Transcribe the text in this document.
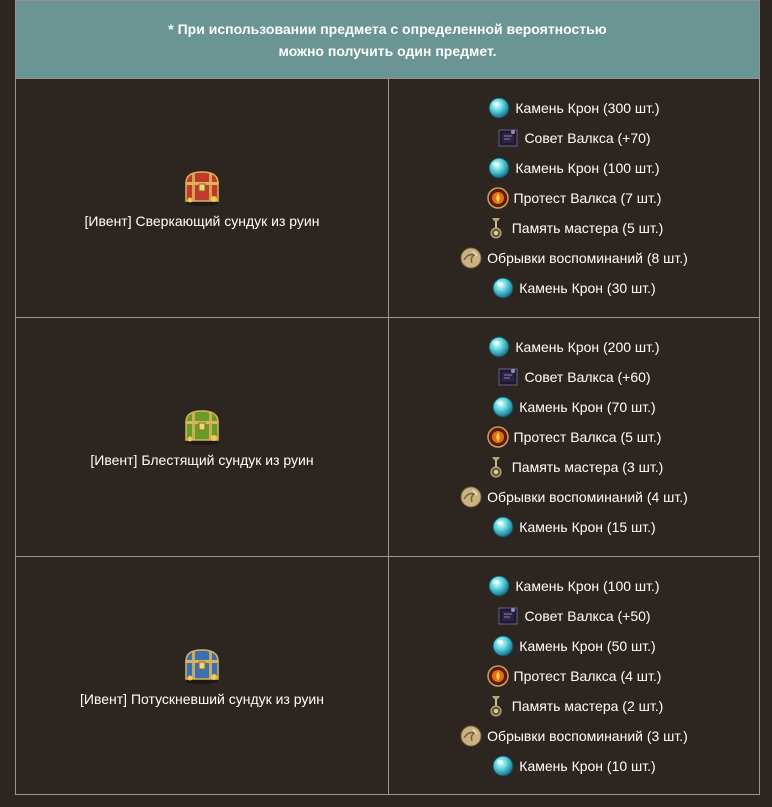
* При использовании предмета с определенной вероятностью
можно получить один предмет.
[Ивент] Сверкающий сундук из руин
Камень Крон (300 шт.)
Совет Валкса (+70)
Камень Крон (100 шт.)
Протест Валкса (7 шт.)
Память мастера (5 шт.)
Обрывки воспоминаний (8 шт.)
Камень Крон (30 шт.)
[Ивент] Блестящий сундук из руин
Камень Крон (200 шт.)
Совет Валкса (+60)
Камень Крон (70 шт.)
Протест Валкса (5 шт.)
Память мастера (3 шт.)
Обрывки воспоминаний (4 шт.)
Камень Крон (15 шт.)
[Ивент] Потускневший сундук из руин
Камень Крон (100 шт.)
Совет Валкса (+50)
Камень Крон (50 шт.)
Протест Валкса (4 шт.)
Память мастера (2 шт.)
Обрывки воспоминаний (3 шт.)
Камень Крон (10 шт.)
